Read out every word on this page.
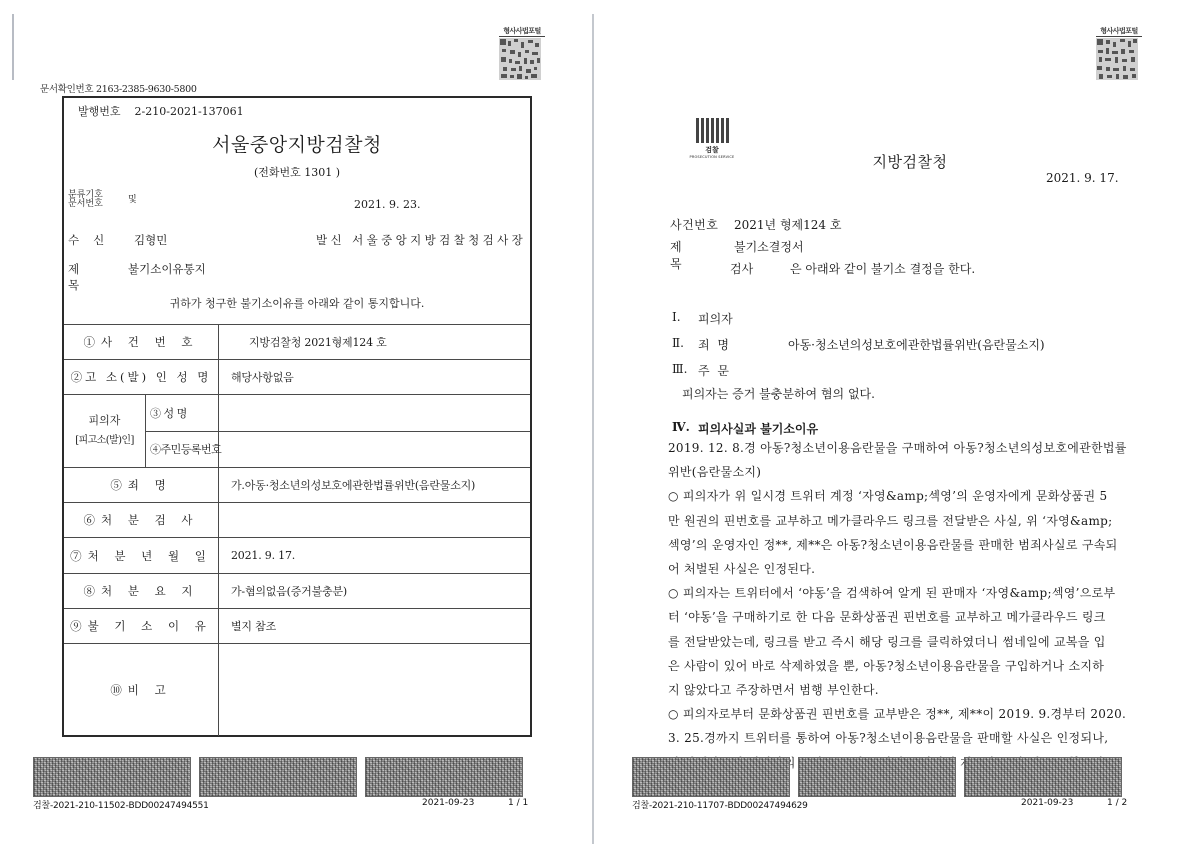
형사사법포털
문서확인번호 2163-2385-9630-5800
발행번호 2-210-2021-137061
서울중앙지방검찰청
(전화번호 1301 )
분류기호
문서번호	및	2021. 9. 23.
수신	김형민	발신 서울중앙지방검찰청검사장
제목
불기소이유통지
귀하가 청구한 불기소이유를 아래와 같이 통지합니다.
①사 건 번 호	지방검찰청 2021형제124 호
②고 소(발) 인 성 명	해당사항없음
피의자
[피고소(발)인]
③ 성 명
④주민등록번호
⑤죄 명	가.아동·청소년의성보호에관한법률위반(음란물소지)
⑥처 분 검 사
⑦처 분 년 월 일	2021. 9. 17.
⑧처 분 요 지	가-혐의없음(증거불충분)
⑨불 기 소 이 유	별지 참조
⑩비 고
검찰-2021-210-11502-BDD00247494551	2021-09-23	1 / 1
형사사법포털
검찰
PROSECUTION SERVICE	지방검찰청
2021. 9. 17.
사건번호	2021년 형제124 호
제목
불기소결정서
검사	은 아래와 같이 불기소 결정을 한다.
Ⅰ.	피의자
Ⅱ.	죄 명	아동·청소년의성보호에관한법률위반(음란물소지)
Ⅲ. 주 문
피의자는 증거 불충분하여 혐의 없다.
Ⅳ. 피의사실과 불기소이유
2019. 12. 8.경 아동?청소년이용음란물을 구매하여 아동?청소년의성보호에관한법률
위반(음란물소지)
○ 피의자가 위 일시경 트위터 계정 ‘자영&amp;섹영’의 운영자에게 문화상품권 5
만 원권의 핀번호를 교부하고 메가클라우드 링크를 전달받은 사실, 위 ‘자영&amp;
섹영’의 운영자인 정**, 제**은 아동?청소년이용음란물를 판매한 범죄사실로 구속되
어 처벌된 사실은 인정된다.
○ 피의자는 트위터에서 ‘야동’을 검색하여 알게 된 판매자 ‘자영&amp;섹영’으로부
터 ‘야동’을 구매하기로 한 다음 문화상품권 핀번호를 교부하고 메가클라우드 링크
를 전달받았는데, 링크를 받고 즉시 해당 링크를 클릭하였더니 썸네일에 교복을 입
은 사람이 있어 바로 삭제하였을 뿐, 아동?청소년이용음란물을 구입하거나 소지하
지 않았다고 주장하면서 범행 부인한다.
○ 피의자로부터 문화상품권 핀번호를 교부받은 정**, 제**이 2019. 9.경부터 2020.
3. 25.경까지 트위터를 통하여 아동?청소년이용음란물을 판매할 사실은 인정되나,
검찰-2021-210-11707-BDD00247494629	2021-09-23	1 / 2
